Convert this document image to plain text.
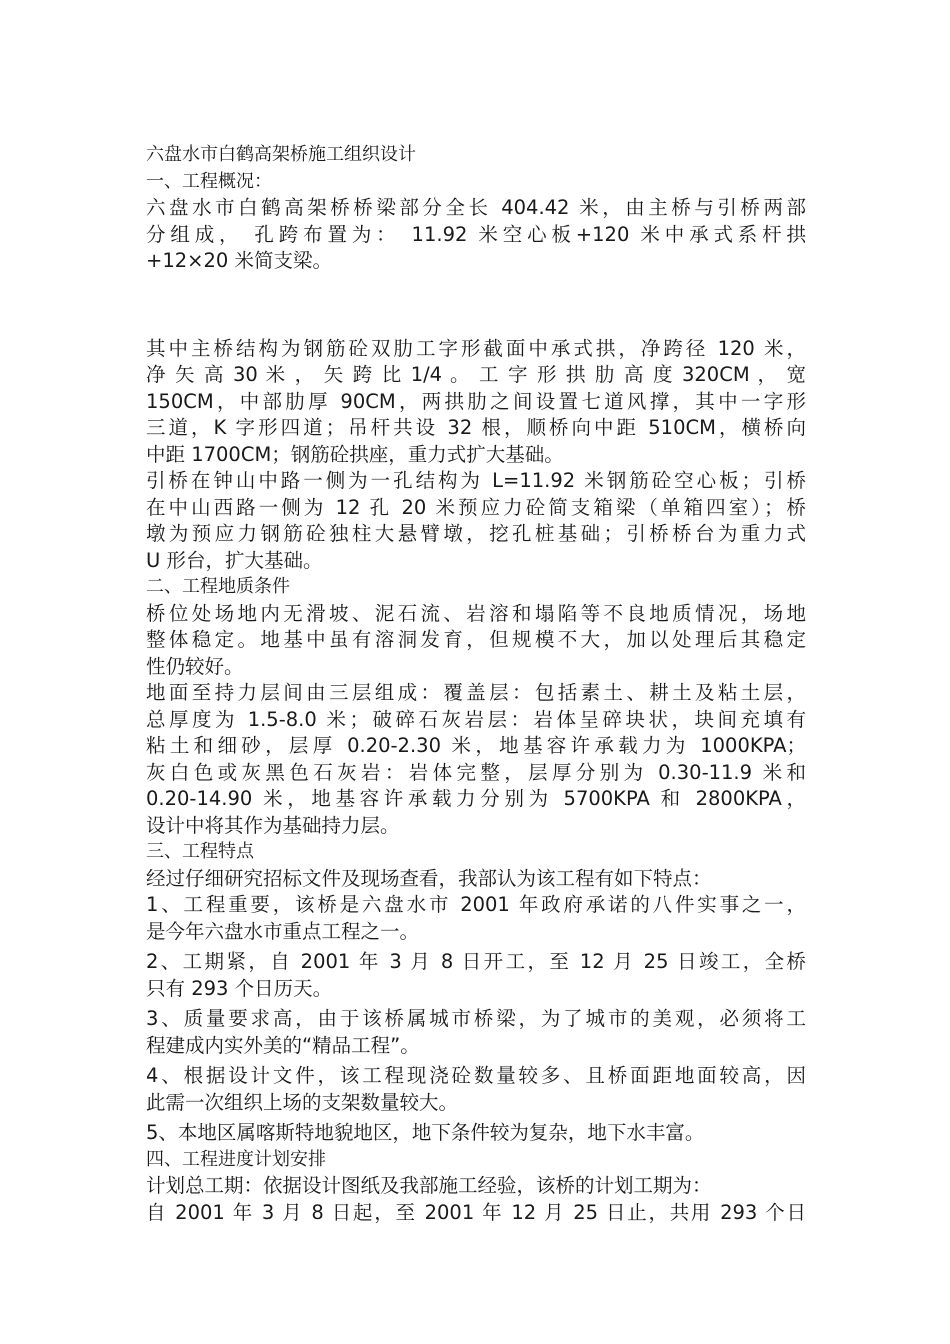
六盘水市白鹤高架桥施工组织设计
一、工程概况：
六盘水市白鹤高架桥桥梁部分全长 404.42 米，由主桥与引桥两部
分组成， 孔跨布置为： 11.92 米空心板+120 米中承式系杆拱
+12×20 米简支梁。
其中主桥结构为钢筋砼双肋工字形截面中承式拱，净跨径 120 米，
净 矢 高 30 米 ， 矢 跨 比 1/4 。 工 字 形 拱 肋 高 度 320CM ， 宽
150CM，中部肋厚 90CM，两拱肋之间设置七道风撑，其中一字形
三道，K 字形四道；吊杆共设 32 根，顺桥向中距 510CM，横桥向
中距 1700CM；钢筋砼拱座，重力式扩大基础。
引桥在钟山中路一侧为一孔结构为 L=11.92 米钢筋砼空心板；引桥
在中山西路一侧为 12 孔 20 米预应力砼简支箱梁（单箱四室）；桥
墩为预应力钢筋砼独柱大悬臂墩，挖孔桩基础；引桥桥台为重力式
U 形台，扩大基础。
二、工程地质条件
桥位处场地内无滑坡、泥石流、岩溶和塌陷等不良地质情况，场地
整体稳定。地基中虽有溶洞发育，但规模不大，加以处理后其稳定
性仍较好。
地面至持力层间由三层组成：覆盖层：包括素土、耕土及粘土层，
总厚度为 1.5-8.0 米；破碎石灰岩层：岩体呈碎块状，块间充填有
粘土和细砂，层厚 0.20-2.30 米，地基容许承载力为 1000KPA；
灰白色或灰黑色石灰岩：岩体完整，层厚分别为 0.30-11.9 米和
0.20-14.90 米，地基容许承载力分别为 5700KPA 和 2800KPA，
设计中将其作为基础持力层。
三、工程特点
经过仔细研究招标文件及现场查看，我部认为该工程有如下特点：
1、工程重要，该桥是六盘水市 2001 年政府承诺的八件实事之一，
是今年六盘水市重点工程之一。
2、工期紧，自 2001 年 3 月 8 日开工，至 12 月 25 日竣工，全桥
只有 293 个日历天。
3、质量要求高，由于该桥属城市桥梁，为了城市的美观，必须将工
程建成内实外美的“精品工程”。
4、根据设计文件，该工程现浇砼数量较多、且桥面距地面较高，因
此需一次组织上场的支架数量较大。
5、本地区属喀斯特地貌地区，地下条件较为复杂，地下水丰富。
四、工程进度计划安排
计划总工期：依据设计图纸及我部施工经验，该桥的计划工期为：
自 2001 年 3 月 8 日起，至 2001 年 12 月 25 日止，共用 293 个日
